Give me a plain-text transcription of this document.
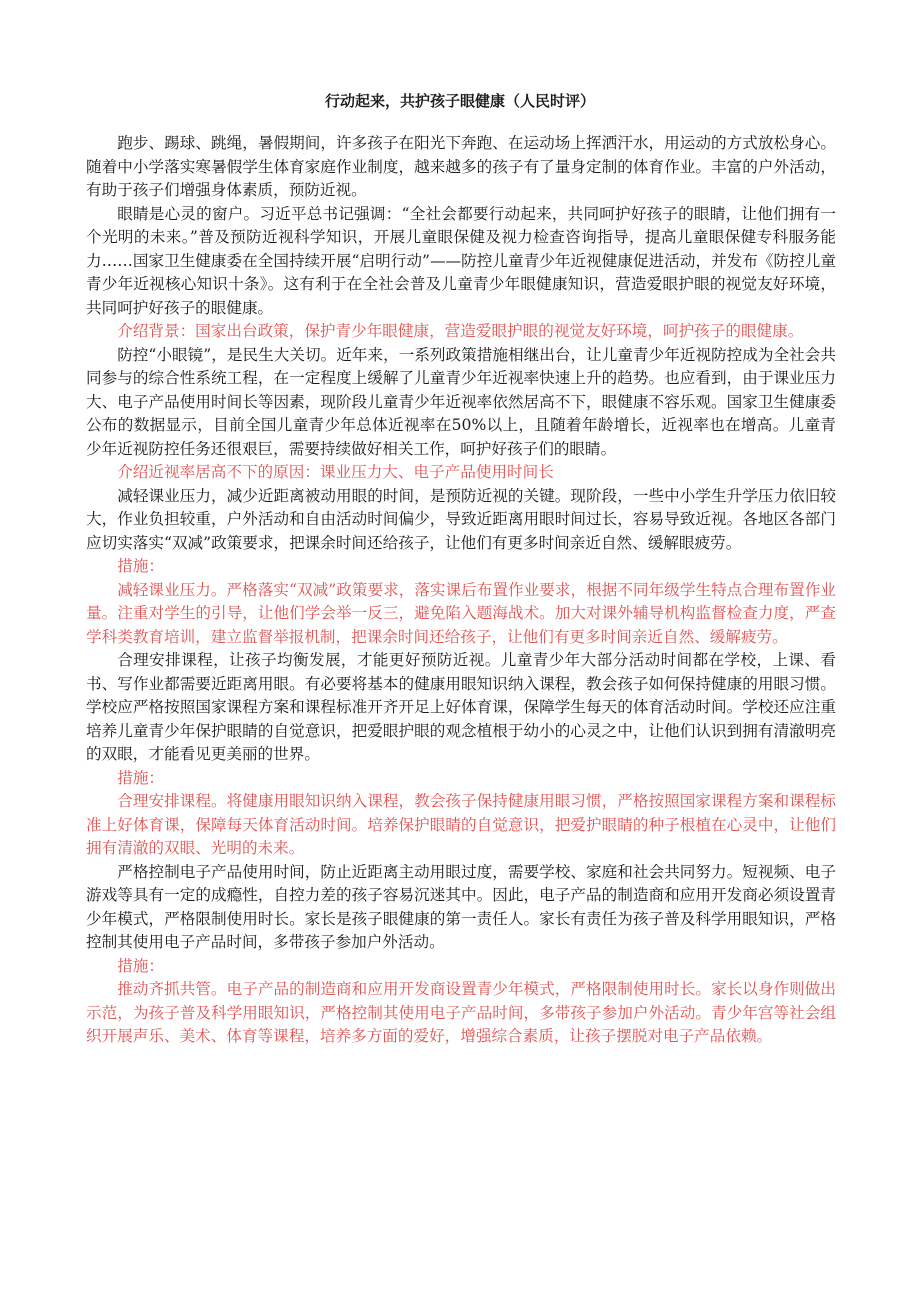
行动起来，共护孩子眼健康（人民时评）

跑步、踢球、跳绳，暑假期间，许多孩子在阳光下奔跑、在运动场上挥洒汗水，用运动的方式放松身心。随着中小学落实寒暑假学生体育家庭作业制度，越来越多的孩子有了量身定制的体育作业。丰富的户外活动，有助于孩子们增强身体素质，预防近视。

眼睛是心灵的窗户。习近平总书记强调：“全社会都要行动起来，共同呵护好孩子的眼睛，让他们拥有一个光明的未来。”普及预防近视科学知识，开展儿童眼保健及视力检查咨询指导，提高儿童眼保健专科服务能力……国家卫生健康委在全国持续开展“启明行动”——防控儿童青少年近视健康促进活动，并发布《防控儿童青少年近视核心知识十条》。这有利于在全社会普及儿童青少年眼健康知识，营造爱眼护眼的视觉友好环境，共同呵护好孩子的眼健康。

介绍背景：国家出台政策，保护青少年眼健康，营造爱眼护眼的视觉友好环境，呵护孩子的眼健康。

防控“小眼镜”，是民生大关切。近年来，一系列政策措施相继出台，让儿童青少年近视防控成为全社会共同参与的综合性系统工程，在一定程度上缓解了儿童青少年近视率快速上升的趋势。也应看到，由于课业压力大、电子产品使用时间长等因素，现阶段儿童青少年近视率依然居高不下，眼健康不容乐观。国家卫生健康委公布的数据显示，目前全国儿童青少年总体近视率在50%以上，且随着年龄增长，近视率也在增高。儿童青少年近视防控任务还很艰巨，需要持续做好相关工作，呵护好孩子们的眼睛。

介绍近视率居高不下的原因：课业压力大、电子产品使用时间长

减轻课业压力，减少近距离被动用眼的时间，是预防近视的关键。现阶段，一些中小学生升学压力依旧较大，作业负担较重，户外活动和自由活动时间偏少，导致近距离用眼时间过长，容易导致近视。各地区各部门应切实落实“双减”政策要求，把课余时间还给孩子，让他们有更多时间亲近自然、缓解眼疲劳。

措施：

减轻课业压力。严格落实“双减”政策要求，落实课后布置作业要求，根据不同年级学生特点合理布置作业量。注重对学生的引导，让他们学会举一反三，避免陷入题海战术。加大对课外辅导机构监督检查力度，严查学科类教育培训，建立监督举报机制，把课余时间还给孩子，让他们有更多时间亲近自然、缓解疲劳。

合理安排课程，让孩子均衡发展，才能更好预防近视。儿童青少年大部分活动时间都在学校，上课、看书、写作业都需要近距离用眼。有必要将基本的健康用眼知识纳入课程，教会孩子如何保持健康的用眼习惯。学校应严格按照国家课程方案和课程标准开齐开足上好体育课，保障学生每天的体育活动时间。学校还应注重培养儿童青少年保护眼睛的自觉意识，把爱眼护眼的观念植根于幼小的心灵之中，让他们认识到拥有清澈明亮的双眼，才能看见更美丽的世界。

措施：

合理安排课程。将健康用眼知识纳入课程，教会孩子保持健康用眼习惯，严格按照国家课程方案和课程标准上好体育课，保障每天体育活动时间。培养保护眼睛的自觉意识，把爱护眼睛的种子根植在心灵中，让他们拥有清澈的双眼、光明的未来。

严格控制电子产品使用时间，防止近距离主动用眼过度，需要学校、家庭和社会共同努力。短视频、电子游戏等具有一定的成瘾性，自控力差的孩子容易沉迷其中。因此，电子产品的制造商和应用开发商必须设置青少年模式，严格限制使用时长。家长是孩子眼健康的第一责任人。家长有责任为孩子普及科学用眼知识，严格控制其使用电子产品时间，多带孩子参加户外活动。

措施：

推动齐抓共管。电子产品的制造商和应用开发商设置青少年模式，严格限制使用时长。家长以身作则做出示范，为孩子普及科学用眼知识，严格控制其使用电子产品时间，多带孩子参加户外活动。青少年宫等社会组织开展声乐、美术、体育等课程，培养多方面的爱好，增强综合素质，让孩子摆脱对电子产品依赖。
